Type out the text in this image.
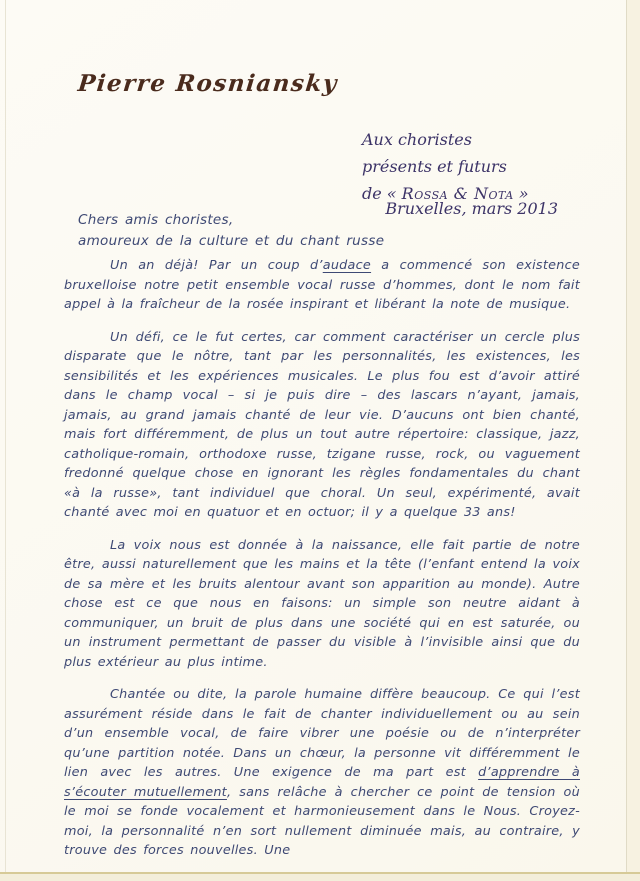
Pierre Rosniansky
Aux choristes
présents et futurs
de « Rossa & Nota »
Bruxelles, mars 2013
Chers amis choristes,
amoureux de la culture et du chant russe

Un an déjà! Par un coup d’audace a commencé son existence bruxelloise notre petit ensemble vocal russe d’hommes, dont le nom fait appel à la fraîcheur de la rosée inspirant et libérant la note de musique.

Un défi, ce le fut certes, car comment caractériser un cercle plus disparate que le nôtre, tant par les personnalités, les existences, les sensibilités et les expériences musicales. Le plus fou est d’avoir attiré dans le champ vocal – si je puis dire – des lascars n’ayant, jamais, jamais, au grand jamais chanté de leur vie. D’aucuns ont bien chanté, mais fort différemment, de plus un tout autre répertoire: classique, jazz, catholique-romain, orthodoxe russe, tzigane russe, rock, ou vaguement fredonné quelque chose en ignorant les règles fondamentales du chant «à la russe», tant individuel que choral. Un seul, expérimenté, avait chanté avec moi en quatuor et en octuor; il y a quelque 33 ans!

La voix nous est donnée à la naissance, elle fait partie de notre être, aussi naturellement que les mains et la tête (l’enfant entend la voix de sa mère et les bruits alentour avant son apparition au monde). Autre chose est ce que nous en faisons: un simple son neutre aidant à communiquer, un bruit de plus dans une société qui en est saturée, ou un instrument permettant de passer du visible à l’invisible ainsi que du plus extérieur au plus intime.

Chantée ou dite, la parole humaine diffère beaucoup. Ce qui l’est assurément réside dans le fait de chanter individuellement ou au sein d’un ensemble vocal, de faire vibrer une poésie ou de n’interpréter qu’une partition notée. Dans un chœur, la personne vit différemment le lien avec les autres. Une exigence de ma part est d’apprendre à s’écouter mutuellement, sans relâche à chercher ce point de tension où le moi se fonde vocalement et harmonieusement dans le Nous. Croyez-moi, la personnalité n’en sort nullement diminuée mais, au contraire, y trouve des forces nouvelles. Une
